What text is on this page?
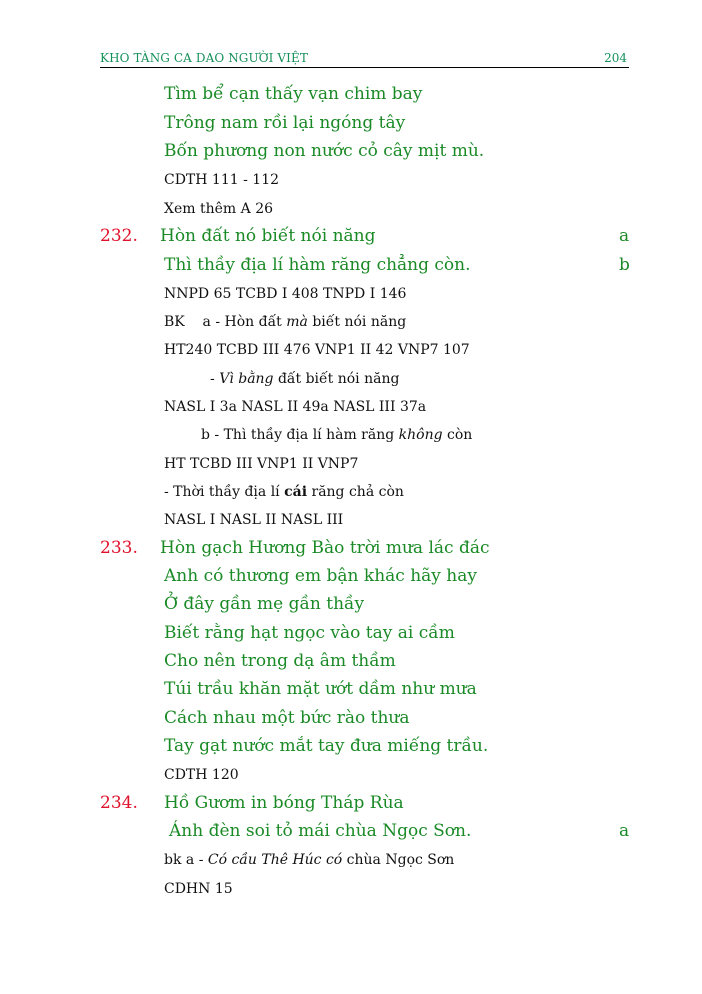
KHO TÀNG CA DAO NGƯỜI VIỆT	204
Tìm bể cạn thấy vạn chim bay
Trông nam rồi lại ngóng tây
Bốn phương non nước cỏ cây mịt mù.
CDTH 111 - 112
Xem thêm A 26
232. Hòn đất nó biết nói năng	a
Thì thầy địa lí hàm răng chẳng còn.	b
NNPD 65 TCBD I 408 TNPD I 146
BK    a - Hòn đất mà biết nói năng
HT240 TCBD III 476 VNP1 II 42 VNP7 107
- Vì bằng đất biết nói năng
NASL I 3a NASL II 49a NASL III 37a
b - Thì thầy địa lí hàm răng không còn
HT TCBD III VNP1 II VNP7
- Thời thầy địa lí cái răng chả còn
NASL I NASL II NASL III
233. Hòn gạch Hương Bào trời mưa lác đác
Anh có thương em bận khác hãy hay
Ở đây gần mẹ gần thầy
Biết rằng hạt ngọc vào tay ai cầm
Cho nên trong dạ âm thầm
Túi trầu khăn mặt ướt dầm như mưa
Cách nhau một bức rào thưa
Tay gạt nước mắt tay đưa miếng trầu.
CDTH 120
234. Hồ Gươm in bóng Tháp Rùa
Ánh đèn soi tỏ mái chùa Ngọc Sơn.	a
bk a - Có cầu Thê Húc có chùa Ngọc Sơn
CDHN 15
